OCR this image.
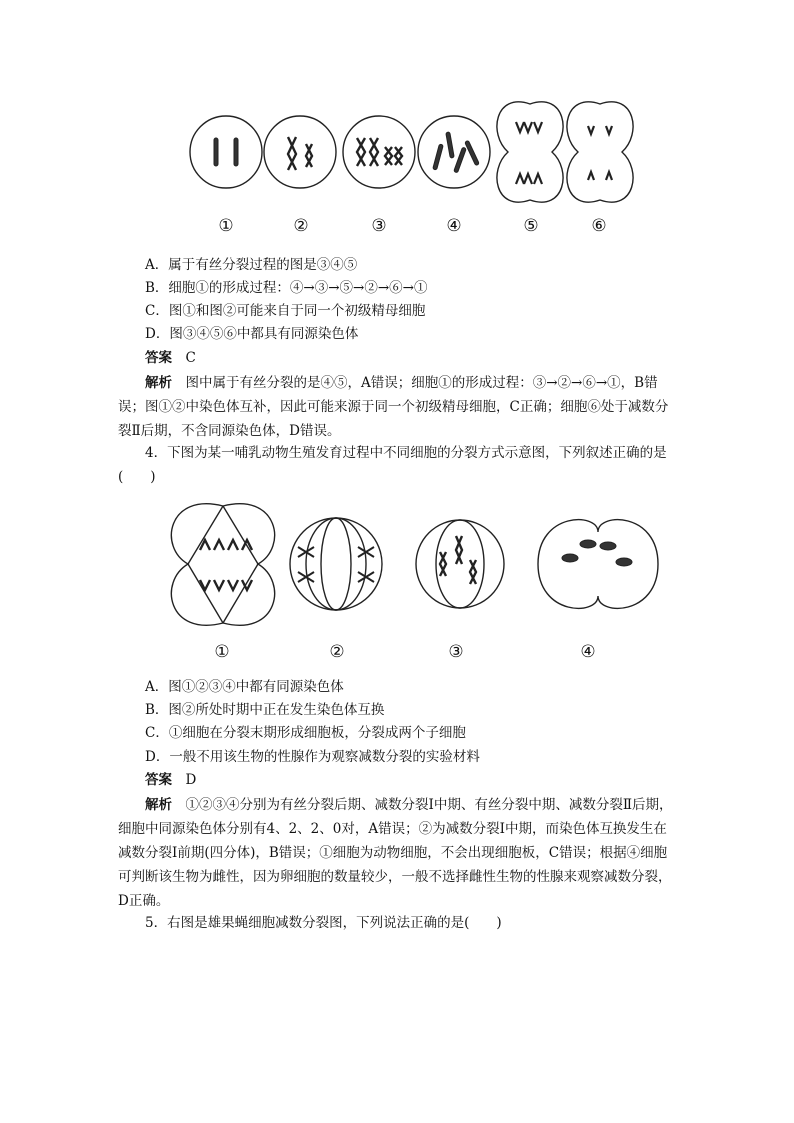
①	②	③	④	⑤	⑥
A．属于有丝分裂过程的图是③④⑤
B．细胞①的形成过程：④→③→⑤→②→⑥→①
C．图①和图②可能来自于同一个初级精母细胞
D．图③④⑤⑥中都具有同源染色体
答案　 C
解析　 图中属于有丝分裂的是④⑤，A错误；细胞①的形成过程：③→②→⑥→①，B错误；图①②中染色体互补，因此可能来源于同一个初级精母细胞，C正确；细胞⑥处于减数分裂Ⅱ后期，不含同源染色体，D错误。
4．下图为某一哺乳动物生殖发育过程中不同细胞的分裂方式示意图，下列叙述正确的是(　　)
①	②	③	④
A．图①②③④中都有同源染色体
B．图②所处时期中正在发生染色体互换
C．①细胞在分裂末期形成细胞板，分裂成两个子细胞
D．一般不用该生物的性腺作为观察减数分裂的实验材料
答案　 D
解析　 ①②③④分别为有丝分裂后期、减数分裂Ⅰ中期、有丝分裂中期、减数分裂Ⅱ后期，细胞中同源染色体分别有4、2、2、0对，A错误；②为减数分裂Ⅰ中期，而染色体互换发生在减数分裂Ⅰ前期(四分体)，B错误；①细胞为动物细胞，不会出现细胞板，C错误；根据④细胞可判断该生物为雌性，因为卵细胞的数量较少，一般不选择雌性生物的性腺来观察减数分裂，D正确。
5．右图是雄果蝇细胞减数分裂图，下列说法正确的是(　　)
